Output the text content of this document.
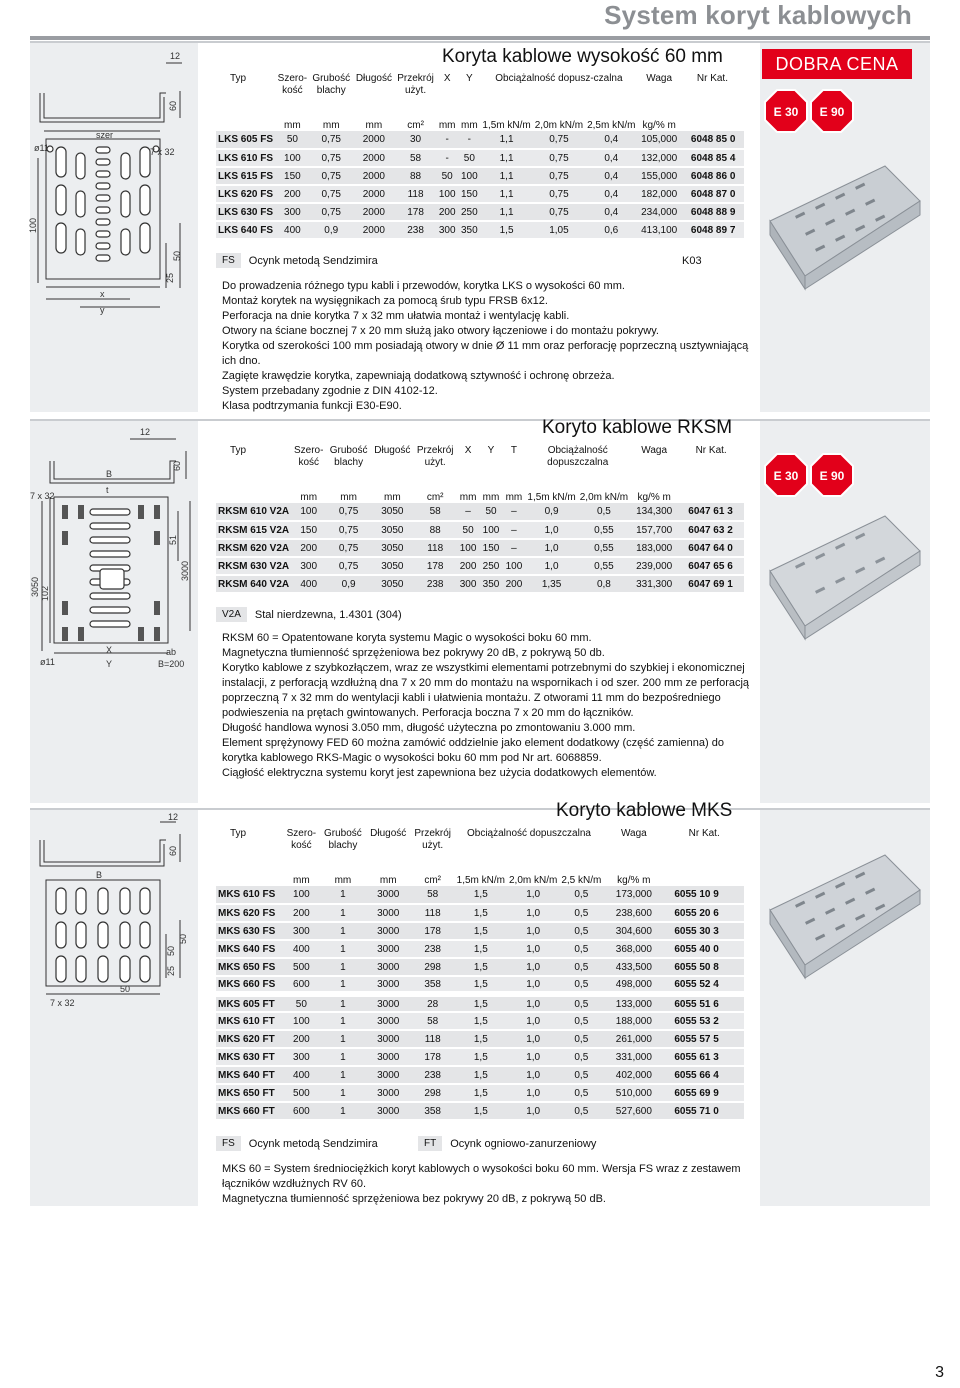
System koryt kablowych
12
60
szer
ø11	7 x 32
100
50
25
x
y
DOBRA CENA
E 30 E 90
Koryta kablowe wysokość 60 mm
Typ	Szero-kość	Grubość blachy	Długość	Przekrój użyt.	X	Y	Obciążalność dopusz-czalna			Waga	Nr Kat.

	mm	mm	mm	cm²	mm	mm	1,5m kN/m	2,0m kN/m	2,5m kN/m	kg/% m	
LKS 605 FS	50	0,75	2000	30	-	-	1,1	0,75	0,4	105,000	6048 85 0
LKS 610 FS	100	0,75	2000	58	-	50	1,1	0,75	0,4	132,000	6048 85 4
LKS 615 FS	150	0,75	2000	88	50	100	1,1	0,75	0,4	155,000	6048 86 0
LKS 620 FS	200	0,75	2000	118	100	150	1,1	0,75	0,4	182,000	6048 87 0
LKS 630 FS	300	0,75	2000	178	200	250	1,1	0,75	0,4	234,000	6048 88 9
LKS 640 FS	400	0,9	2000	238	300	350	1,5	1,05	0,6	413,100	6048 89 7
FS	Ocynk metodą Sendzimira	K03
Do prowadzenia różnego typu kabli i przewodów, korytka LKS o wysokości 60 mm.
Montaż korytek na wysięgnikach za pomocą śrub typu FRSB 6x12.
Perforacja na dnie korytka 7 x 32 mm ułatwia montaż i wentylację kabli.
Otwory na ściane bocznej 7 x 20 mm służą jako otwory łączeniowe i do montażu pokrywy.
Korytka od szerokości 100 mm posiadają otwory w dnie Ø 11 mm oraz perforację poprzeczną usztywniającą ich dno.
Zagięte krawędzie korytka, zapewniają dodatkową sztywność i ochronę obrzeża.
System przebadany zgodnie z DIN 4102-12.
Klasa podtrzymania funkcji E30-E90.
12
B
60
t
7 x 32
3050 102
51
3000
ø11
X
Y
ab
B=200
E 30 E 90
Koryto kablowe RKSM
Typ	Szero-kość	Grubość blachy	Długość	Przekrój użyt.	X	Y	T	Obciążalność dopuszczalna		Waga	Nr Kat.

	mm	mm	mm	cm²	mm	mm	mm	1,5m kN/m	2,0m kN/m	kg/% m	
RKSM 610 V2A	100	0,75	3050	58	–	50	–	0,9	0,5	134,300	6047 61 3
RKSM 615 V2A	150	0,75	3050	88	50	100	–	1,0	0,55	157,700	6047 63 2
RKSM 620 V2A	200	0,75	3050	118	100	150	–	1,0	0,55	183,000	6047 64 0
RKSM 630 V2A	300	0,75	3050	178	200	250	100	1,0	0,55	239,000	6047 65 6
RKSM 640 V2A	400	0,9	3050	238	300	350	200	1,35	0,8	331,300	6047 69 1
V2A	Stal nierdzewna, 1.4301 (304)
RKSM 60 = Opatentowane koryta systemu Magic o wysokości boku 60 mm.
Magnetyczna tłumienność sprzężeniowa bez pokrywy 20 dB, z pokrywą 50 db.
Korytko kablowe z szybkozłączem, wraz ze wszystkimi elementami potrzebnymi do szybkiej i ekonomicznej instalacji, z perforacją wzdłużną dna 7 x 20 mm do montażu na wspornikach i od szer. 200 mm ze perforacją poprzeczną 7 x 32 mm do wentylacji kabli i ułatwienia montażu. Z otworami 11 mm do bezpośredniego podwieszenia na prętach gwintowanych. Perforacja boczna 7 x 20 mm do łączników.
Długość handlowa wynosi 3.050 mm, długość użyteczna po zmontowaniu 3.000 mm.
Element sprężynowy FED 60 można zamówić oddzielnie jako element dodatkowy (część zamienna) do korytka kablowego RKS-Magic o wysokości boku 60 mm pod Nr art. 6068859.
Ciągłość elektryczna systemu koryt jest zapewniona bez użycia dodatkowych elementów.
12
60
B
50
50
25
7 x 32
50
Koryto kablowe MKS
Typ	Szero-kość	Grubość blachy	Długość	Przekrój użyt.	Obciążalność dopuszczalna			Waga	Nr Kat.

	mm	mm	mm	cm²	1,5m kN/m	2,0m kN/m	2,5 kN/m	kg/% m	
MKS 610 FS	100	1	3000	58	1,5	1,0	0,5	173,000	6055 10 9
MKS 620 FS	200	1	3000	118	1,5	1,0	0,5	238,600	6055 20 6
MKS 630 FS	300	1	3000	178	1,5	1,0	0,5	304,600	6055 30 3
MKS 640 FS	400	1	3000	238	1,5	1,0	0,5	368,000	6055 40 0
MKS 650 FS	500	1	3000	298	1,5	1,0	0,5	433,500	6055 50 8
MKS 660 FS	600	1	3000	358	1,5	1,0	0,5	498,000	6055 52 4
MKS 605 FT	50	1	3000	28	1,5	1,0	0,5	133,000	6055 51 6
MKS 610 FT	100	1	3000	58	1,5	1,0	0,5	188,000	6055 53 2
MKS 620 FT	200	1	3000	118	1,5	1,0	0,5	261,000	6055 57 5
MKS 630 FT	300	1	3000	178	1,5	1,0	0,5	331,000	6055 61 3
MKS 640 FT	400	1	3000	238	1,5	1,0	0,5	402,000	6055 66 4
MKS 650 FT	500	1	3000	298	1,5	1,0	0,5	510,000	6055 69 9
MKS 660 FT	600	1	3000	358	1,5	1,0	0,5	527,600	6055 71 0
FS	Ocynk metodą Sendzimira	FT	Ocynk ogniowo-zanurzeniowy
MKS 60 = System średniociężkich koryt kablowych o wysokości boku 60 mm. Wersja FS wraz z zestawem łączników wzdłużnych RV 60.
Magnetyczna tłumienność sprzężeniowa bez pokrywy 20 dB, z pokrywą 50 dB.
3
